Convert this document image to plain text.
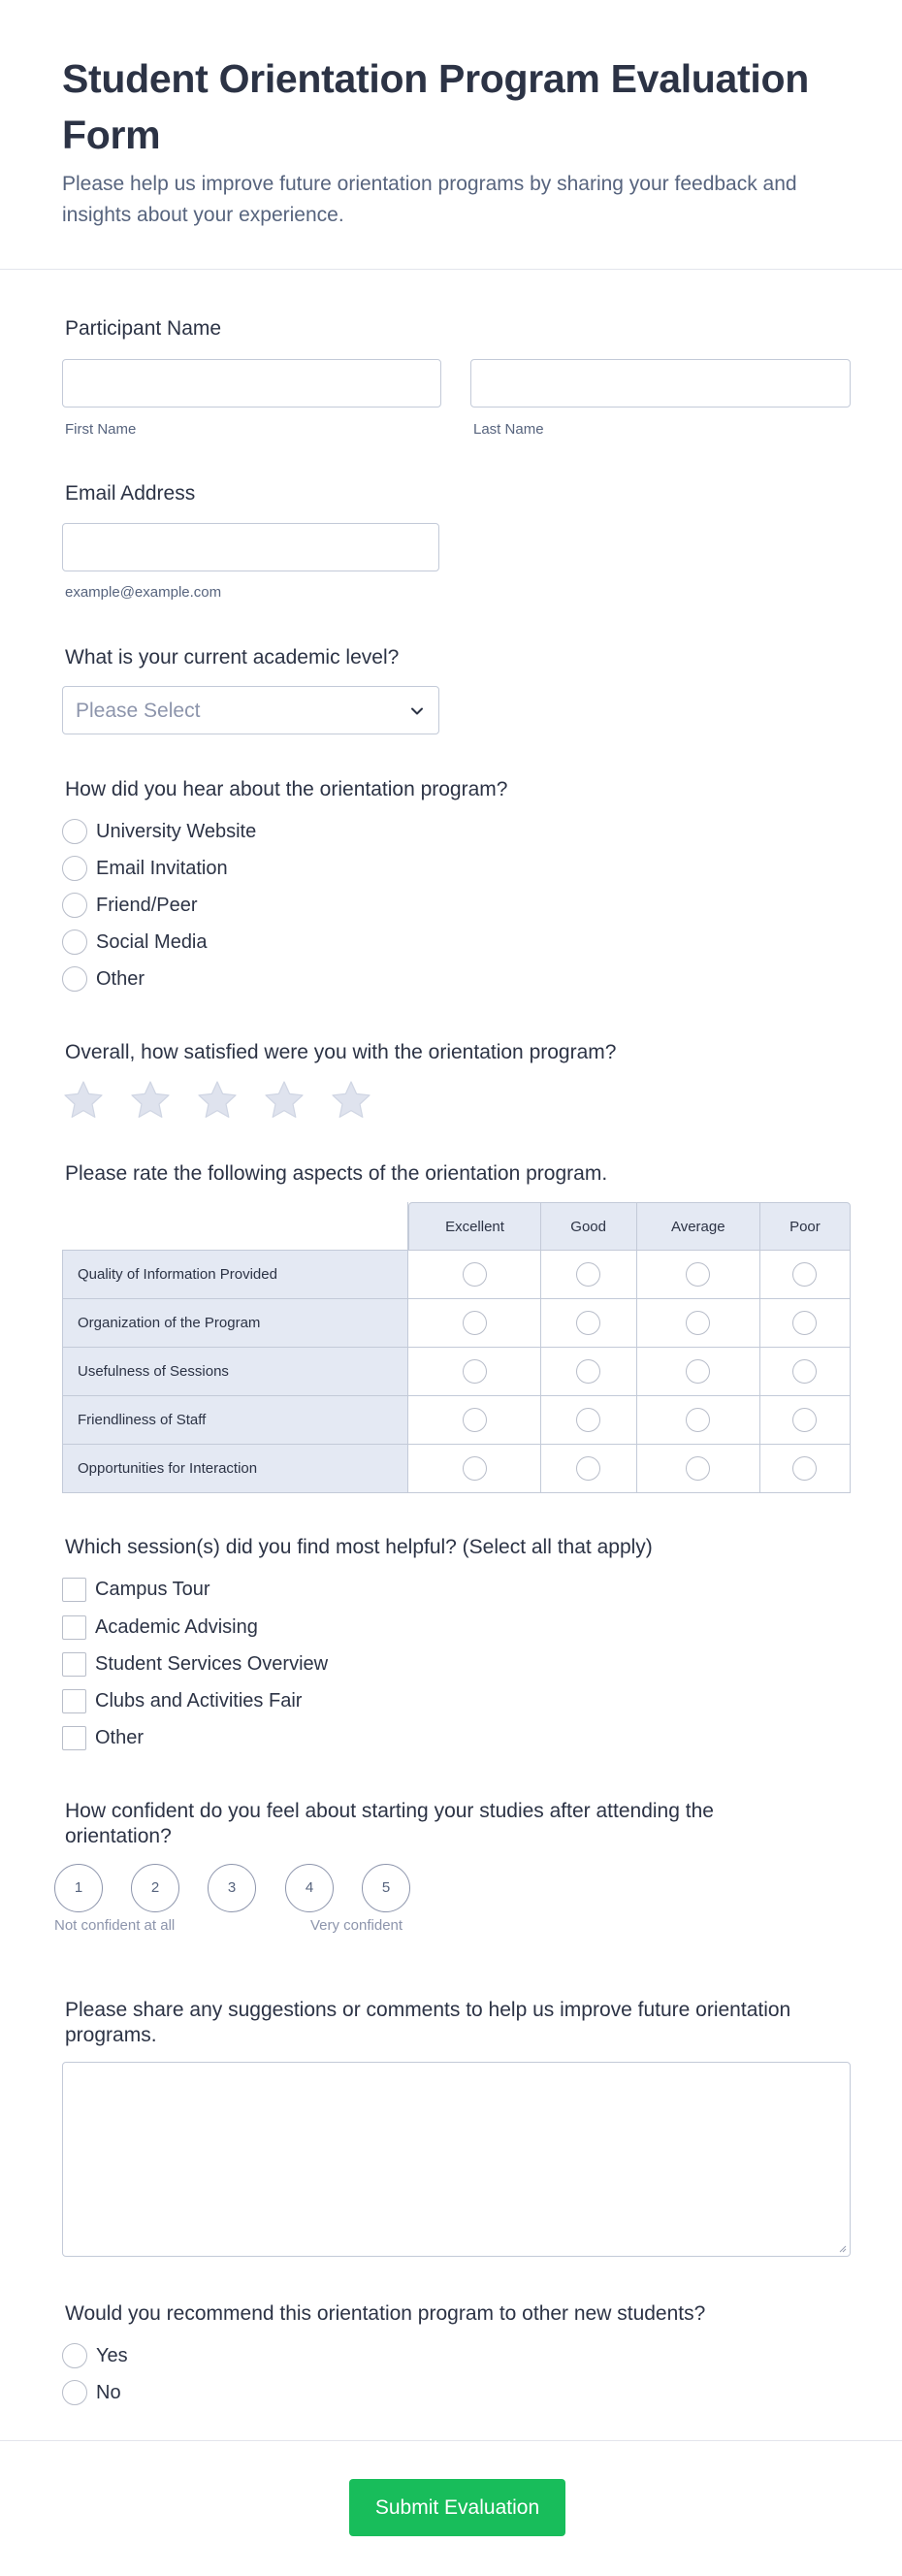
Student Orientation Program Evaluation Form

Please help us improve future orientation programs by sharing your feedback and insights about your experience.

Participant Name
First Name	Last Name
Email Address
example@example.com
What is your current academic level?
Please Select
How did you hear about the orientation program?
University Website
Email Invitation
Friend/Peer
Social Media
Other
Overall, how satisfied were you with the orientation program?
Please rate the following aspects of the orientation program.
	Excellent	Good	Average	Poor
Quality of Information Provided				
Organization of the Program				
Usefulness of Sessions				
Friendliness of Staff				
Opportunities for Interaction				
Which session(s) did you find most helpful? (Select all that apply)
Campus Tour
Academic Advising
Student Services Overview
Clubs and Activities Fair
Other
How confident do you feel about starting your studies after attending the orientation?
1	2	3	4	5
Not confident at all	Very confident
Please share any suggestions or comments to help us improve future orientation programs.
Would you recommend this orientation program to other new students?
Yes
No
Submit Evaluation
